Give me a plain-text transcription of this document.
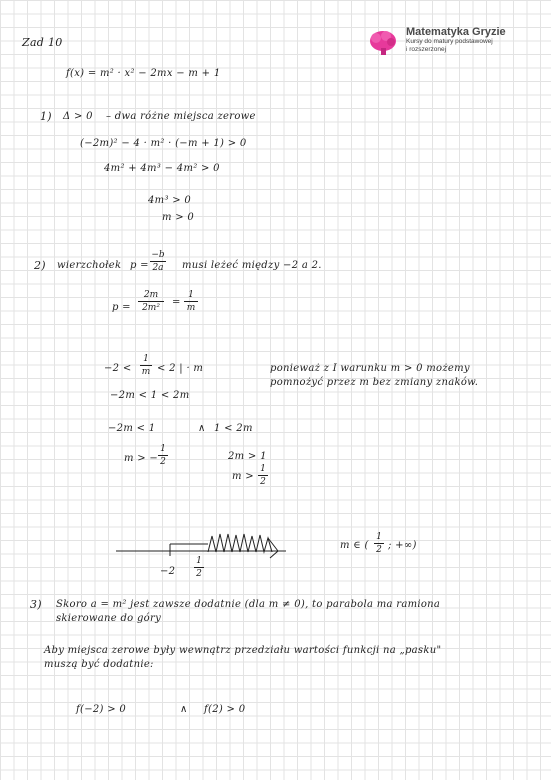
Zad 10
f(x) = m² · x² − 2mx − m + 1
Matematyka Gryzie
Kursy do matury podstawowej
i rozszerzonej
1) Δ > 0 – dwa różne miejsca zerowe
(−2m)² − 4 · m² · (−m + 1) > 0
4m² + 4m³ − 4m² > 0
4m³ > 0
m > 0
2) wierzchołek p =
−b
2a musi leżeć między −2 a 2.
p =
2m
2m²	=
1
m
−2 <
1
m < 2 | · m	ponieważ z I warunku m > 0 możemy
pomnożyć przez m bez zmiany znaków.
−2m < 1 < 2m
−2m < 1	∧ 1 < 2m
m > −
1
2	2m > 1
m >
1
2
−2
1
2
m ∈ (
1
2 ; +∞)
3) Skoro a = m² jest zawsze dodatnie (dla m ≠ 0), to parabola ma ramiona
skierowane do góry
Aby miejsca zerowe były wewnątrz przedziału wartości funkcji na „pasku"
muszą być dodatnie:
f(−2) > 0	∧ f(2) > 0
